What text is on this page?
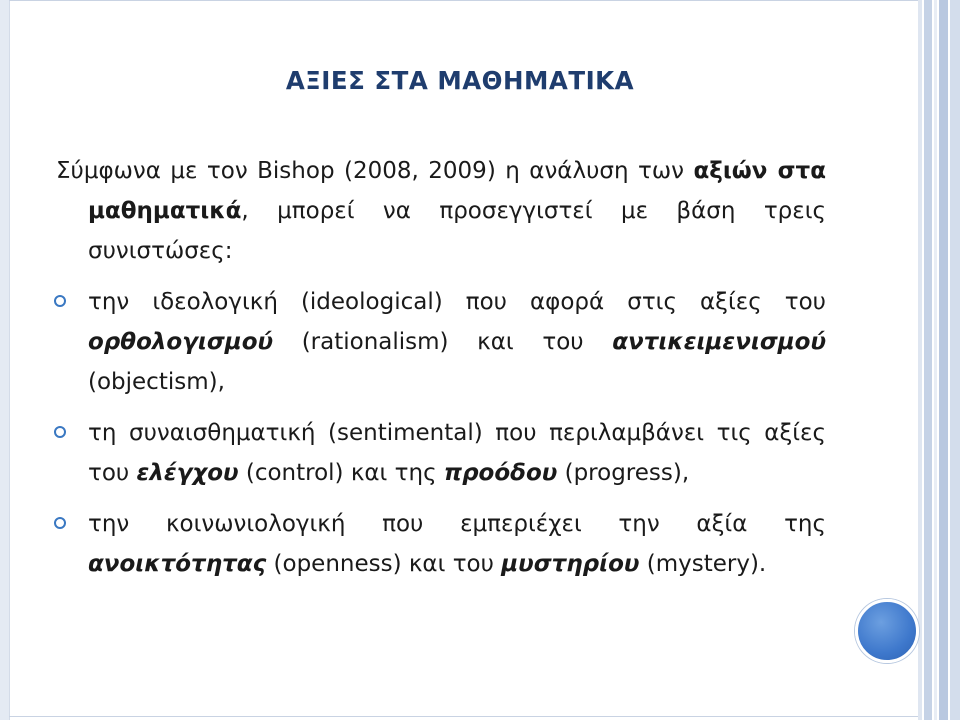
ΑΞΙΕΣ ΣΤΑ ΜΑΘΗΜΑΤΙΚΑ

Σύμφωνα με τον Bishop (2008, 2009) η ανάλυση των αξιών στα μαθηματικά, μπορεί να προσεγγιστεί με βάση τρεις συνιστώσες:

την ιδεολογική (ideological) που αφορά στις αξίες του ορθολογισμού (rationalism) και του αντικειμενισμού (objectism),

τη συναισθηματική (sentimental) που περιλαμβάνει τις αξίες του ελέγχου (control) και της προόδου (progress),

την κοινωνιολογική που εμπεριέχει την αξία της ανοικτότητας (openness) και του μυστηρίου (mystery).
